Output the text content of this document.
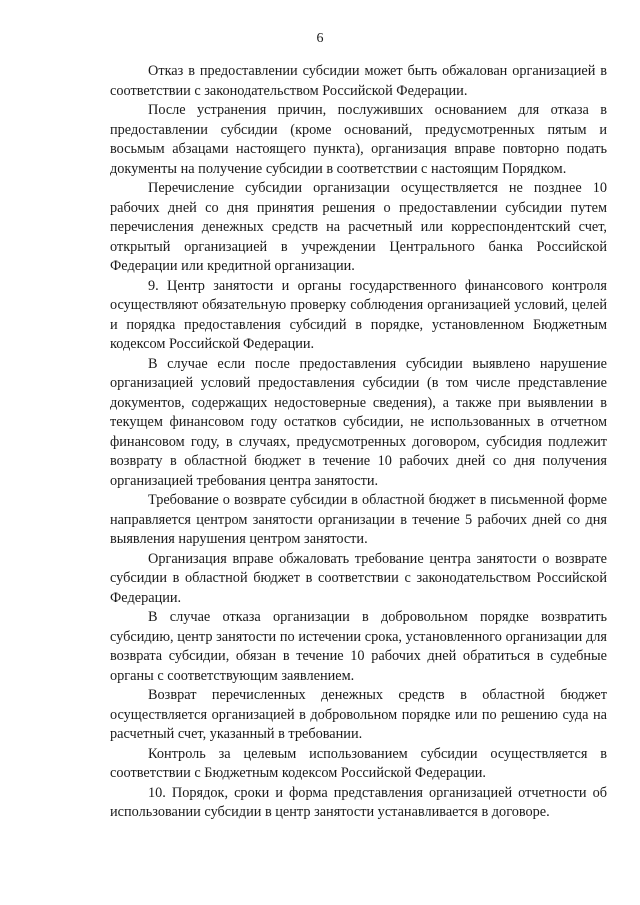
6

Отказ в предоставлении субсидии может быть обжалован организацией в соответствии с законодательством Российской Федерации.

После устранения причин, послуживших основанием для отказа в предоставлении субсидии (кроме оснований, предусмотренных пятым и восьмым абзацами настоящего пункта), организация вправе повторно подать документы на получение субсидии в соответствии с настоящим Порядком.

Перечисление субсидии организации осуществляется не позднее 10 рабочих дней со дня принятия решения о предоставлении субсидии путем перечисления денежных средств на расчетный или корреспондентский счет, открытый организацией в учреждении Центрального банка Российской Федерации или кредитной организации.

9. Центр занятости и органы государственного финансового контроля осуществляют обязательную проверку соблюдения организацией условий, целей и порядка предоставления субсидий в порядке, установленном Бюджетным кодексом Российской Федерации.

В случае если после предоставления субсидии выявлено нарушение организацией условий предоставления субсидии (в том числе представление документов, содержащих недостоверные сведения), а также при выявлении в текущем финансовом году остатков субсидии, не использованных в отчетном финансовом году, в случаях, предусмотренных договором, субсидия подлежит возврату в областной бюджет в течение 10 рабочих дней со дня получения организацией требования центра занятости.

Требование о возврате субсидии в областной бюджет в письменной форме направляется центром занятости организации в течение 5 рабочих дней со дня выявления нарушения центром занятости.

Организация вправе обжаловать требование центра занятости о возврате субсидии в областной бюджет в соответствии с законодательством Российской Федерации.

В случае отказа организации в добровольном порядке возвратить субсидию, центр занятости по истечении срока, установленного организации для возврата субсидии, обязан в течение 10 рабочих дней обратиться в судебные органы с соответствующим заявлением.

Возврат перечисленных денежных средств в областной бюджет осуществляется организацией в добровольном порядке или по решению суда на расчетный счет, указанный в требовании.

Контроль за целевым использованием субсидии осуществляется в соответствии с Бюджетным кодексом Российской Федерации.

10. Порядок, сроки и форма представления организацией отчетности об использовании субсидии в центр занятости устанавливается в договоре.
